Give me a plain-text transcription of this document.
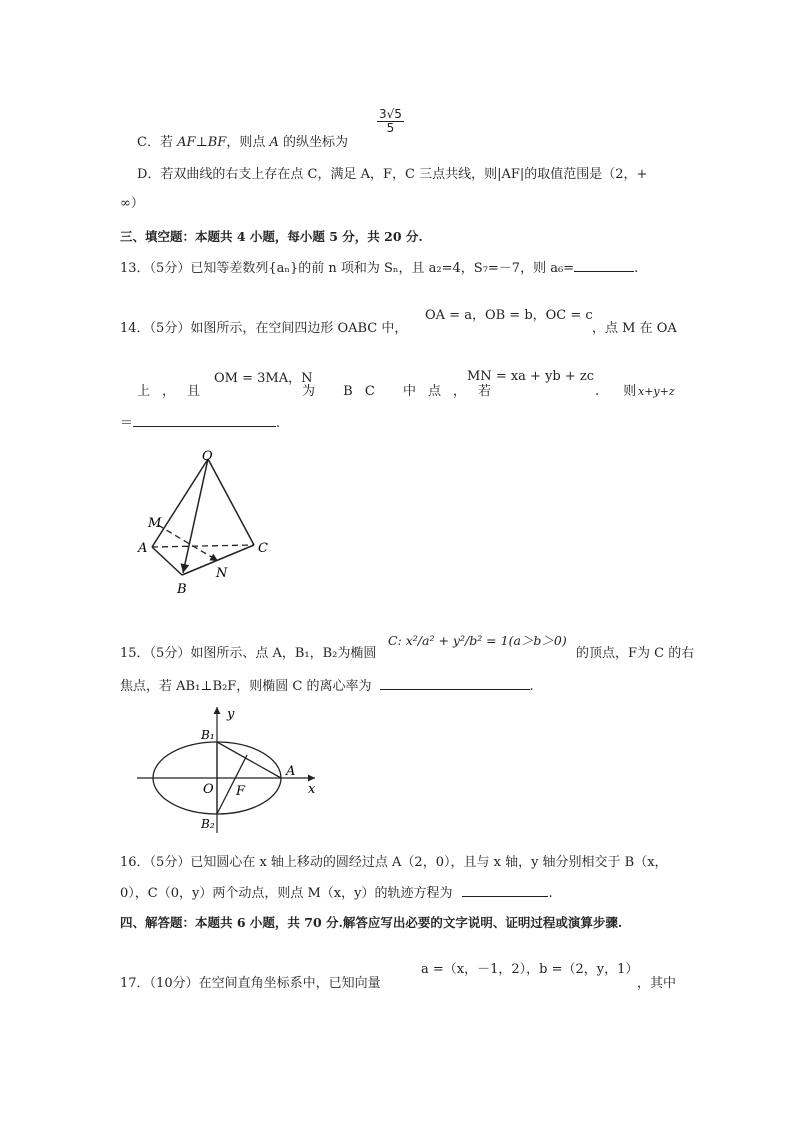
C．若 AF⊥BF，则点 A 的纵坐标为
$\frac{3√5}{5}$
D．若双曲线的右支上存在点 C，满足 A，F，C 三点共线，则|AF|的取值范围是（2，+
∞）
三、填空题：本题共 4 小题，每小题 5 分，共 20 分.
13．（5分）已知等差数列{aₙ}的前 n 项和为 Sₙ，且 a₂=4，S₇=－7，则 a₆=	.
14．（5分）如图所示，在空间四边形 OABC 中，
OA = a，OB = b，OC = c
，点 M 在 OA
上，且
OM = 3MA，N
为 BC 中点，若
MN = xa + yb + zc
. 则
x+y+z
＝	.
O
M
A	C
N
B
15．（5分）如图所示、点 A，B₁，B₂为椭圆
C: x²/a² + y²/b² = 1(a＞b＞0)
的顶点，F为 C 的右
焦点，若 AB₁⊥B₂F，则椭圆 C 的离心率为	.
y
B₁
A
O F	x
B₂
16．（5分）已知圆心在 x 轴上移动的圆经过点 A（2，0），且与 x 轴，y 轴分别相交于 B（x，
0），C（0，y）两个动点，则点 M（x，y）的轨迹方程为	.
四、解答题：本题共 6 小题，共 70 分.解答应写出必要的文字说明、证明过程或演算步骤.
17．（10分）在空间直角坐标系中，已知向量
a =（x，－1，2），b =（2，y，1）
，其中
